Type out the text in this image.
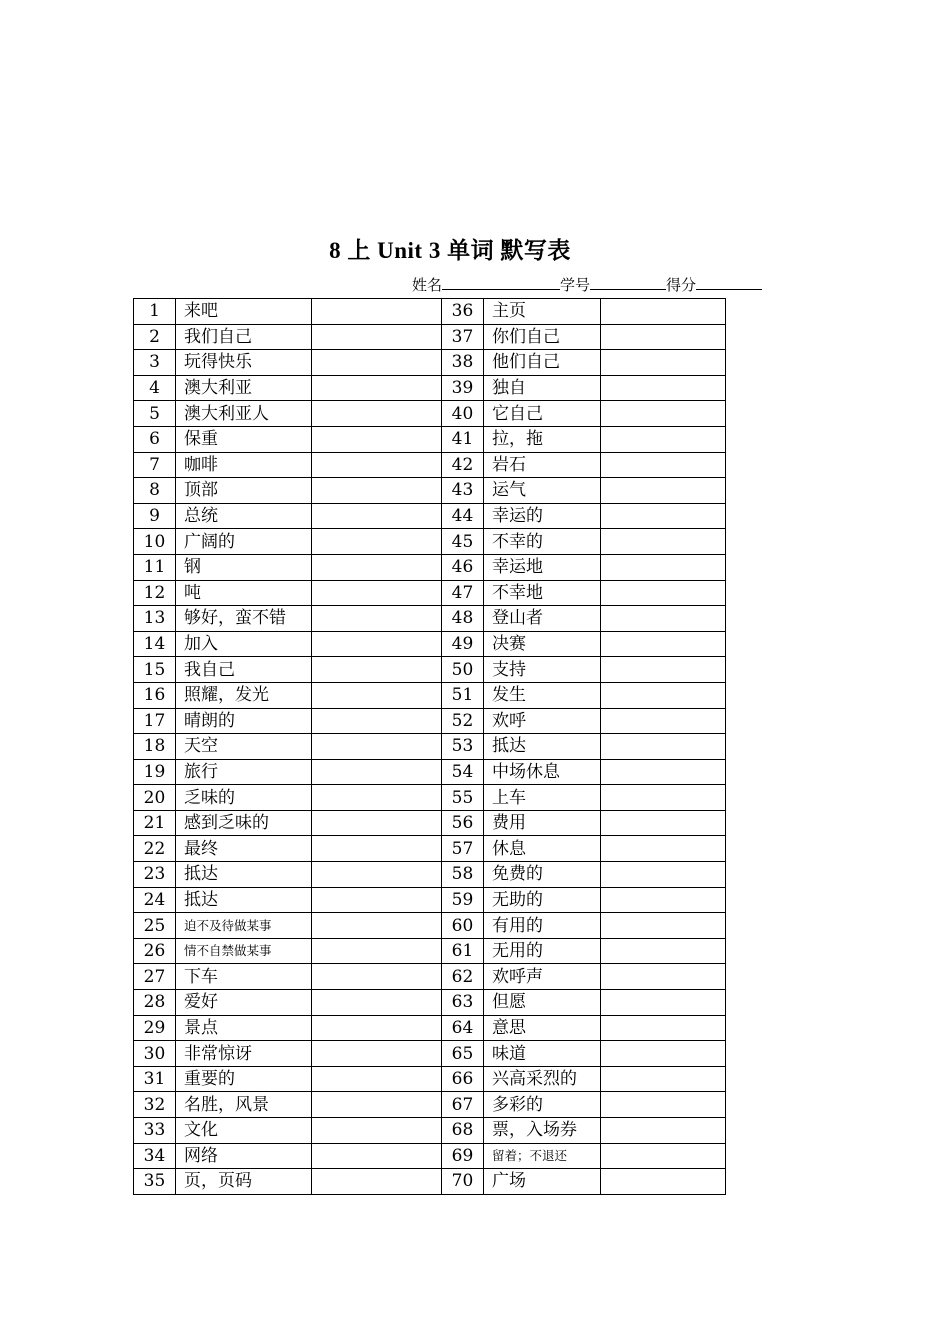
8 上 Unit 3 单词 默写表
姓名	学号	得分
1	来吧		36	主页	
2	我们自己		37	你们自己	
3	玩得快乐		38	他们自己	
4	澳大利亚		39	独自	
5	澳大利亚人		40	它自己	
6	保重		41	拉，拖	
7	咖啡		42	岩石	
8	顶部		43	运气	
9	总统		44	幸运的	
10	广阔的		45	不幸的	
11	钢		46	幸运地	
12	吨		47	不幸地	
13	够好，蛮不错		48	登山者	
14	加入		49	决赛	
15	我自己		50	支持	
16	照耀，发光		51	发生	
17	晴朗的		52	欢呼	
18	天空		53	抵达	
19	旅行		54	中场休息	
20	乏味的		55	上车	
21	感到乏味的		56	费用	
22	最终		57	休息	
23	抵达		58	免费的	
24	抵达		59	无助的	
25	迫不及待做某事		60	有用的	
26	情不自禁做某事		61	无用的	
27	下车		62	欢呼声	
28	爱好		63	但愿	
29	景点		64	意思	
30	非常惊讶		65	味道	
31	重要的		66	兴高采烈的	
32	名胜，风景		67	多彩的	
33	文化		68	票，入场券	
34	网络		69	留着；不退还	
35	页，页码		70	广场	
